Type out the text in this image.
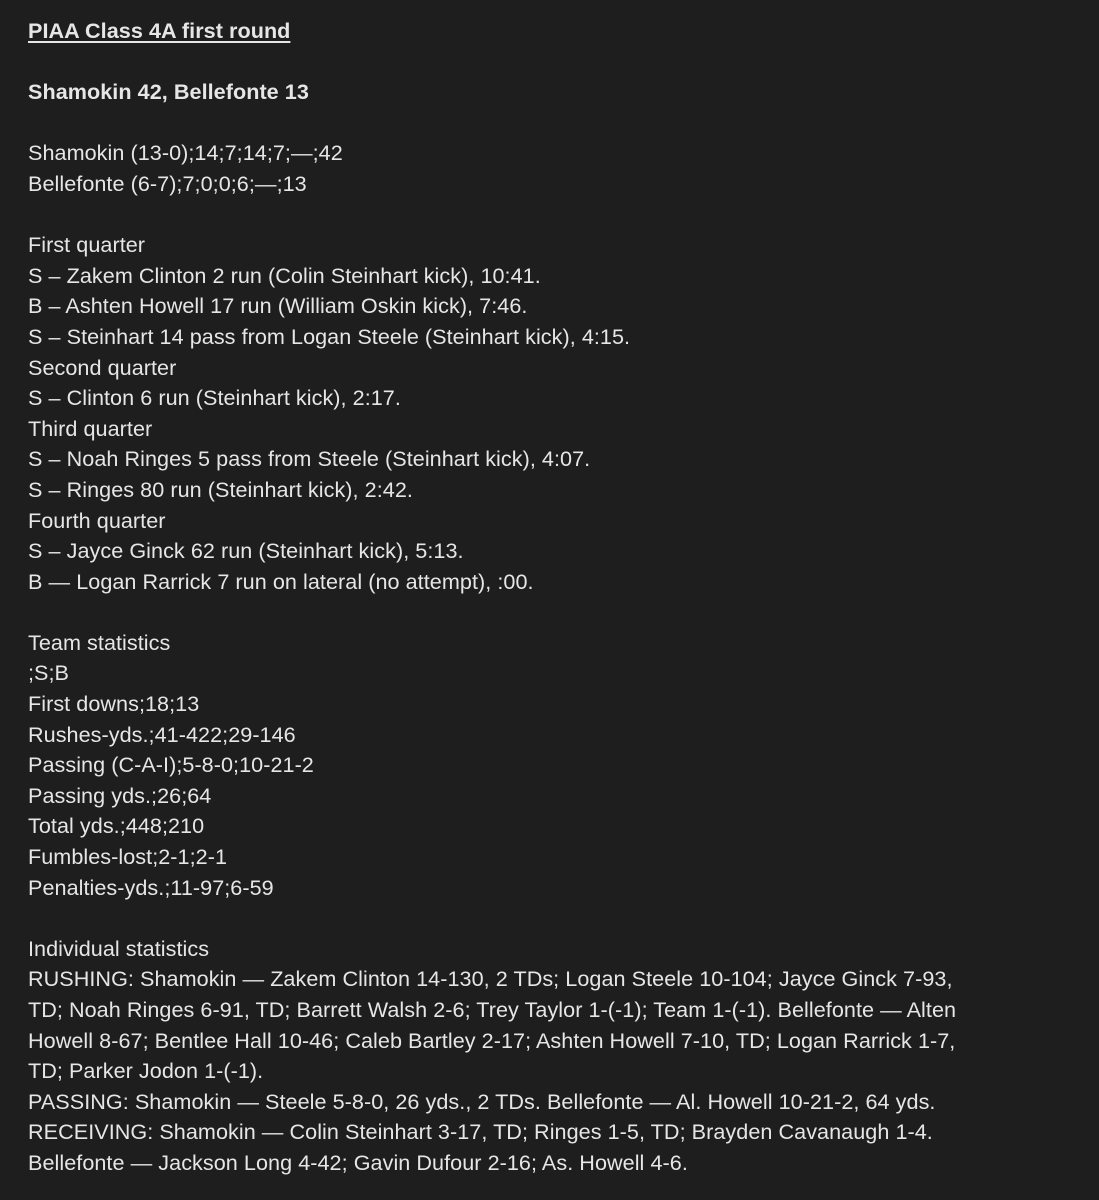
PIAA Class 4A first round
Shamokin 42, Bellefonte 13
Shamokin (13-0);14;7;14;7;—;42
Bellefonte (6-7);7;0;0;6;—;13
First quarter
S – Zakem Clinton 2 run (Colin Steinhart kick), 10:41.
B – Ashten Howell 17 run (William Oskin kick), 7:46.
S – Steinhart 14 pass from Logan Steele (Steinhart kick), 4:15.
Second quarter
S – Clinton 6 run (Steinhart kick), 2:17.
Third quarter
S – Noah Ringes 5 pass from Steele (Steinhart kick), 4:07.
S – Ringes 80 run (Steinhart kick), 2:42.
Fourth quarter
S – Jayce Ginck 62 run (Steinhart kick), 5:13.
B — Logan Rarrick 7 run on lateral (no attempt), :00.
Team statistics
;S;B
First downs;18;13
Rushes-yds.;41-422;29-146
Passing (C-A-I);5-8-0;10-21-2
Passing yds.;26;64
Total yds.;448;210
Fumbles-lost;2-1;2-1
Penalties-yds.;11-97;6-59
Individual statistics
RUSHING: Shamokin — Zakem Clinton 14-130, 2 TDs; Logan Steele 10-104; Jayce Ginck 7-93,
TD; Noah Ringes 6-91, TD; Barrett Walsh 2-6; Trey Taylor 1-(-1); Team 1-(-1). Bellefonte — Alten
Howell 8-67; Bentlee Hall 10-46; Caleb Bartley 2-17; Ashten Howell 7-10, TD; Logan Rarrick 1-7,
TD; Parker Jodon 1-(-1).
PASSING: Shamokin — Steele 5-8-0, 26 yds., 2 TDs. Bellefonte — Al. Howell 10-21-2, 64 yds.
RECEIVING: Shamokin — Colin Steinhart 3-17, TD; Ringes 1-5, TD; Brayden Cavanaugh 1-4.
Bellefonte — Jackson Long 4-42; Gavin Dufour 2-16; As. Howell 4-6.
